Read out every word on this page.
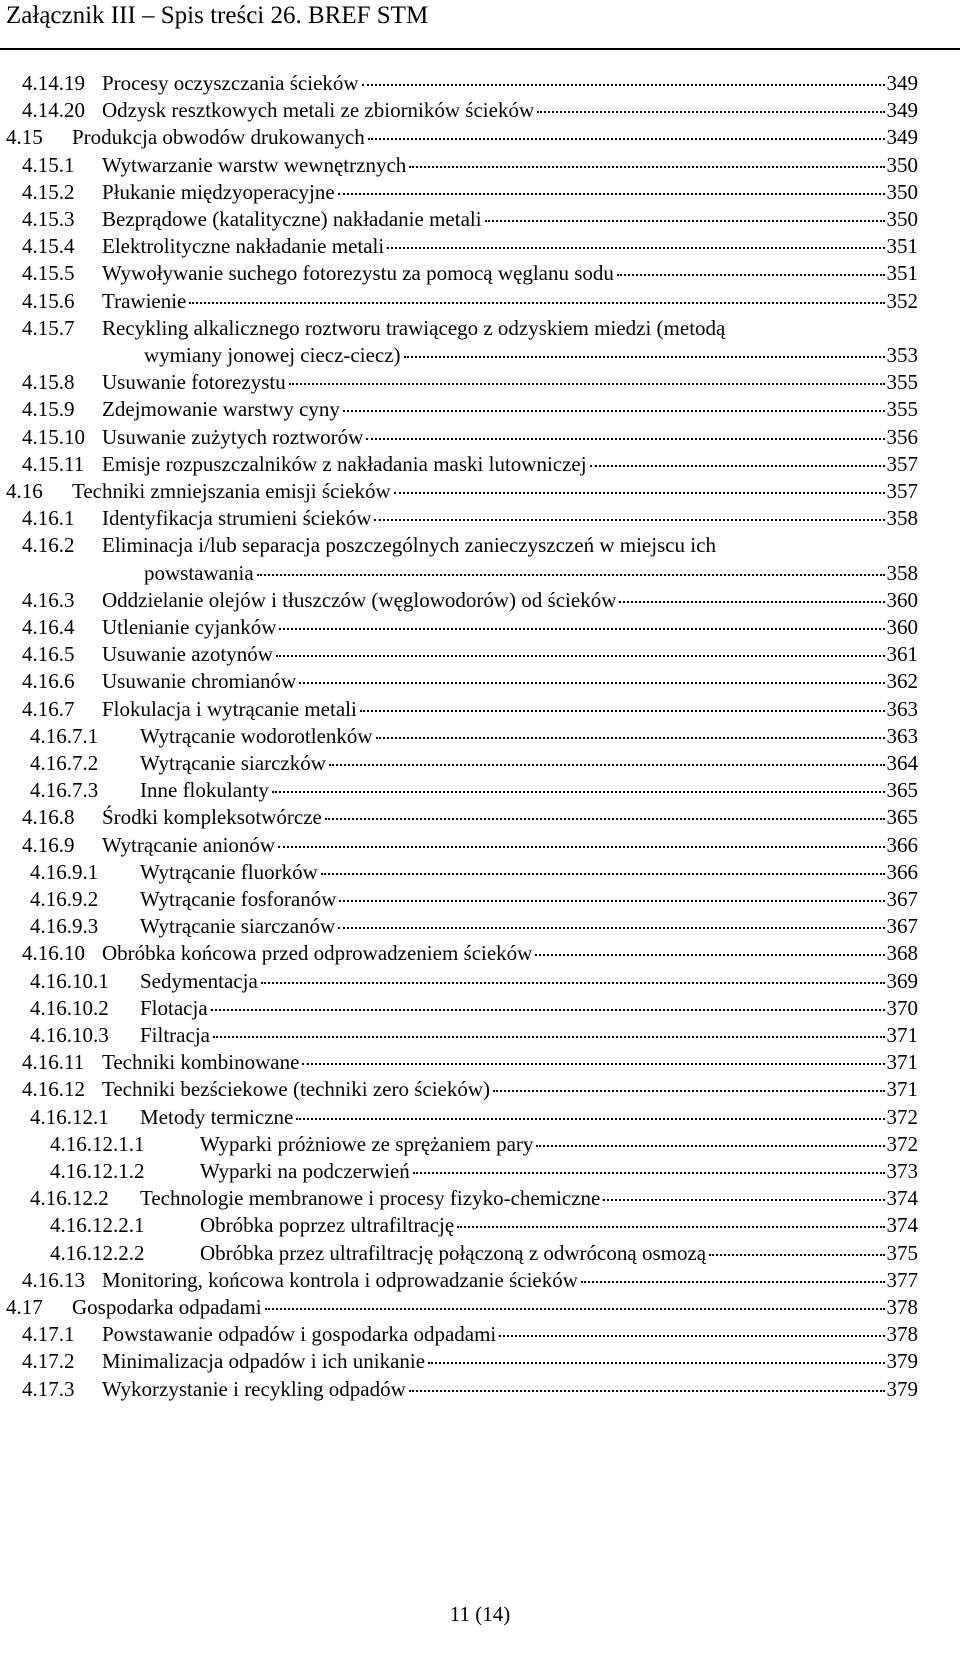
Załącznik III – Spis treści 26. BREF STM
4.14.19 Procesy oczyszczania ścieków	349
4.14.20 Odzysk resztkowych metali ze zbiorników ścieków	349
4.15 Produkcja obwodów drukowanych	349
4.15.1 Wytwarzanie warstw wewnętrznych	350
4.15.2 Płukanie międzyoperacyjne	350
4.15.3 Bezprądowe (katalityczne) nakładanie metali	350
4.15.4 Elektrolityczne nakładanie metali	351
4.15.5 Wywoływanie suchego fotorezystu za pomocą węglanu sodu	351
4.15.6 Trawienie	352
4.15.7 Recykling alkalicznego roztworu trawiącego z odzyskiem miedzi (metodą
wymiany jonowej ciecz-ciecz)	353
4.15.8 Usuwanie fotorezystu	355
4.15.9 Zdejmowanie warstwy cyny	355
4.15.10 Usuwanie zużytych roztworów	356
4.15.11 Emisje rozpuszczalników z nakładania maski lutowniczej	357
4.16 Techniki zmniejszania emisji ścieków	357
4.16.1 Identyfikacja strumieni ścieków	358
4.16.2 Eliminacja i/lub separacja poszczególnych zanieczyszczeń w miejscu ich
powstawania	358
4.16.3 Oddzielanie olejów i tłuszczów (węglowodorów) od ścieków	360
4.16.4 Utlenianie cyjanków	360
4.16.5 Usuwanie azotynów	361
4.16.6 Usuwanie chromianów	362
4.16.7 Flokulacja i wytrącanie metali	363
4.16.7.1 Wytrącanie wodorotlenków	363
4.16.7.2 Wytrącanie siarczków	364
4.16.7.3 Inne flokulanty	365
4.16.8 Środki kompleksotwórcze	365
4.16.9 Wytrącanie anionów	366
4.16.9.1 Wytrącanie fluorków	366
4.16.9.2 Wytrącanie fosforanów	367
4.16.9.3 Wytrącanie siarczanów	367
4.16.10 Obróbka końcowa przed odprowadzeniem ścieków	368
4.16.10.1 Sedymentacja	369
4.16.10.2 Flotacja	370
4.16.10.3 Filtracja	371
4.16.11 Techniki kombinowane	371
4.16.12 Techniki bezściekowe (techniki zero ścieków)	371
4.16.12.1 Metody termiczne	372
4.16.12.1.1	Wyparki próżniowe ze sprężaniem pary	372
4.16.12.1.2	Wyparki na podczerwień	373
4.16.12.2 Technologie membranowe i procesy fizyko-chemiczne	374
4.16.12.2.1	Obróbka poprzez ultrafiltrację	374
4.16.12.2.2	Obróbka przez ultrafiltrację połączoną z odwróconą osmozą	375
4.16.13 Monitoring, końcowa kontrola i odprowadzanie ścieków	377
4.17 Gospodarka odpadami	378
4.17.1 Powstawanie odpadów i gospodarka odpadami	378
4.17.2 Minimalizacja odpadów i ich unikanie	379
4.17.3 Wykorzystanie i recykling odpadów	379
11 (14)
